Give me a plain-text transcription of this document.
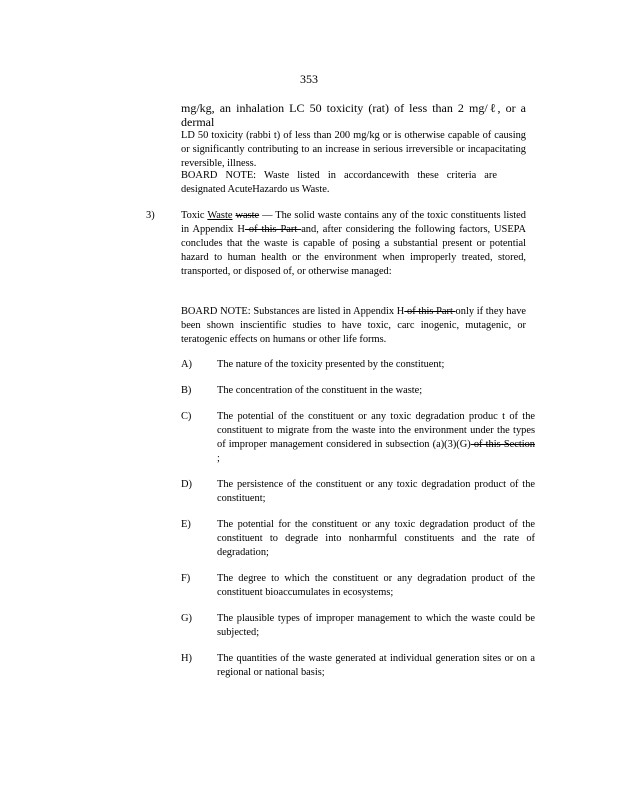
353
mg/kg, an inhalation LC 50 toxicity (rat) of less than 2 mg/ℓ, or a dermal
LD 50 toxicity (rabbi t) of less than 200 mg/kg or is otherwise capable of causing or significantly contributing to an increase in serious irreversible or incapacitating reversible, illness.
BOARD NOTE: Waste listed in accordancewith these criteria are designated AcuteHazardo us Waste.
3)	Toxic Waste waste — The solid waste contains any of the toxic constituents listed in Appendix H of this Part and, after considering the following factors, USEPA concludes that the waste is capable of posing a substantial present or potential hazard to human health or the environment when improperly treated, stored, transported, or disposed of, or otherwise managed:
BOARD NOTE: Substances are listed in Appendix H of this Part only if they have been shown inscientific studies to have toxic, carc inogenic, mutagenic, or teratogenic effects on humans or other life forms.
A) The nature of the toxicity presented by the constituent;
B) The concentration of the constituent in the waste;
C) The potential of the constituent or any toxic degradation produc t of the constituent to migrate from the waste into the environment under the types of improper management considered in subsection (a)(3)(G) of this Section ;
D) The persistence of the constituent or any toxic degradation product of the constituent;
E)	The potential for the constituent or any toxic degradation product of the constituent to degrade into nonharmful constituents and the rate of degradation;
F)	The degree to which the constituent or any degradation product of the constituent bioaccumulates in ecosystems;
G) The plausible types of improper management to which the waste could be subjected;
H) The quantities of the waste generated at individual generation sites or on a regional or national basis;
